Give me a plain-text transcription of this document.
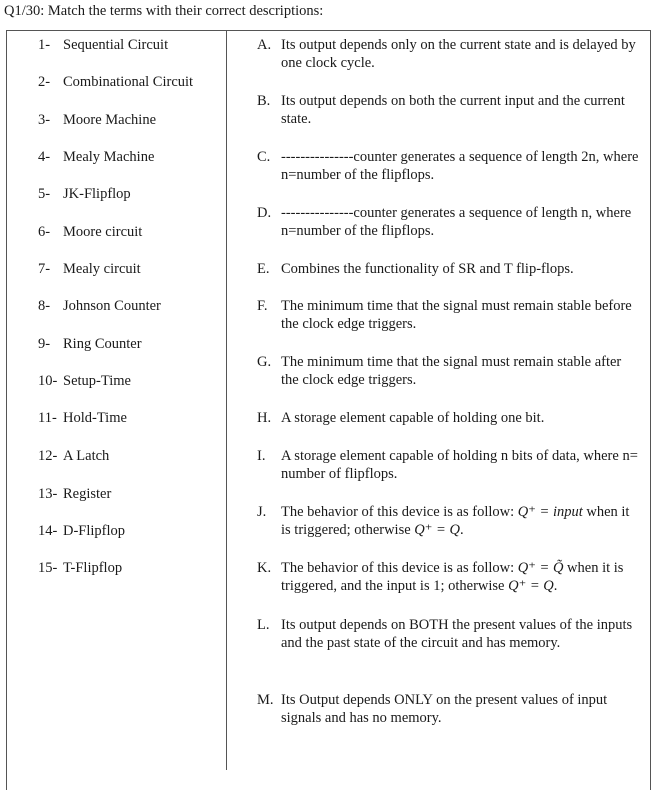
Q1/30: Match the terms with their correct descriptions:
1- Sequential Circuit
2- Combinational Circuit
3- Moore Machine
4- Mealy Machine
5- JK-Flipflop
6- Moore circuit
7- Mealy circuit
8- Johnson Counter
9- Ring Counter
10- Setup-Time
11- Hold-Time
12- A Latch
13- Register
14- D-Flipflop
15- T-Flipflop
A. Its output depends only on the current state and is delayed by one clock cycle.
B. Its output depends on both the current input and the current state.
C. ---------------counter generates a sequence of length 2n, where n=number of the flipflops.
D. ---------------counter generates a sequence of length n, where n=number of the flipflops.
E. Combines the functionality of SR and T flip-flops.
F. The minimum time that the signal must remain stable before the clock edge triggers.
G. The minimum time that the signal must remain stable after the clock edge triggers.
H. A storage element capable of holding one bit.
I. A storage element capable of holding n bits of data, where n= number of flipflops.
J. The behavior of this device is as follow: Q⁺ = input when it is triggered; otherwise Q⁺ = Q.
K. The behavior of this device is as follow: Q⁺ = Q̃ when it is triggered, and the input is 1; otherwise Q⁺ = Q.
L. Its output depends on BOTH the present values of the inputs and the past state of the circuit and has memory.
M. Its Output depends ONLY on the present values of input signals and has no memory.
